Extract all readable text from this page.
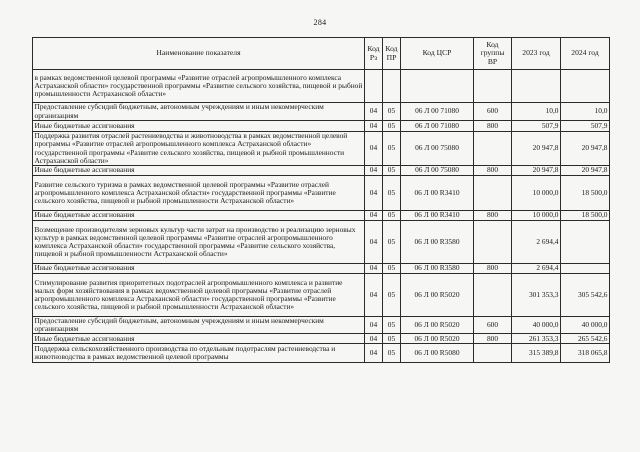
284
Наименование показателя	Код Рз	Код ПР	Код ЦСР	Код группы ВР	2023 год	2024 год
в рамках ведомственной целевой программы «Развитие отраслей агропромышленного комплекса Астраханской области» государственной программы «Развитие сельского хозяйства, пищевой и рыбной промышленности Астраханской области»						
Предоставление субсидий бюджетным, автономным учреждениям и иным некоммерческим организациям	04	05	06 Л 00 71080	600	10,0	10,0
Иные бюджетные ассигнования	04	05	06 Л 00 71080	800	507,9	507,9
Поддержка развития отраслей растениеводства и животноводства в рамках ведомственной целевой программы «Развитие отраслей агропромышленного комплекса Астраханской области» государственной программы «Развитие сельского хозяйства, пищевой и рыбной промышленности Астраханской области»	04	05	06 Л 00 75080		20 947,8	20 947,8
Иные бюджетные ассигнования	04	05	06 Л 00 75080	800	20 947,8	20 947,8
Развитие сельского туризма в рамках ведомственной целевой программы «Развитие отраслей агропромышленного комплекса Астраханской области» государственной программы «Развитие сельского хозяйства, пищевой и рыбной промышленности Астраханской области»	04	05	06 Л 00 R3410		10 000,0	18 500,0
Иные бюджетные ассигнования	04	05	06 Л 00 R3410	800	10 000,0	18 500,0
Возмещение производителям зерновых культур части затрат на производство и реализацию зерновых культур в рамках ведомственной целевой программы «Развитие отраслей агропромышленного комплекса Астраханской области» государственной программы «Развитие сельского хозяйства, пищевой и рыбной промышленности Астраханской области»	04	05	06 Л 00 R3580		2 694,4	
Иные бюджетные ассигнования	04	05	06 Л 00 R3580	800	2 694,4	
Стимулирование развития приоритетных подотраслей агропромышленного комплекса и развитие малых форм хозяйствования в рамках ведомственной целевой программы «Развитие отраслей агропромышленного комплекса Астраханской области» государственной программы «Развитие сельского хозяйства, пищевой и рыбной промышленности Астраханской области»	04	05	06 Л 00 R5020		301 353,3	305 542,6
Предоставление субсидий бюджетным, автономным учреждениям и иным некоммерческим организациям	04	05	06 Л 00 R5020	600	40 000,0	40 000,0
Иные бюджетные ассигнования	04	05	06 Л 00 R5020	800	261 353,3	265 542,6
Поддержка сельскохозяйственного производства по отдельным подотраслям растениеводства и животноводства в рамках ведомственной целевой программы	04	05	06 Л 00 R5080		315 389,8	318 065,8
